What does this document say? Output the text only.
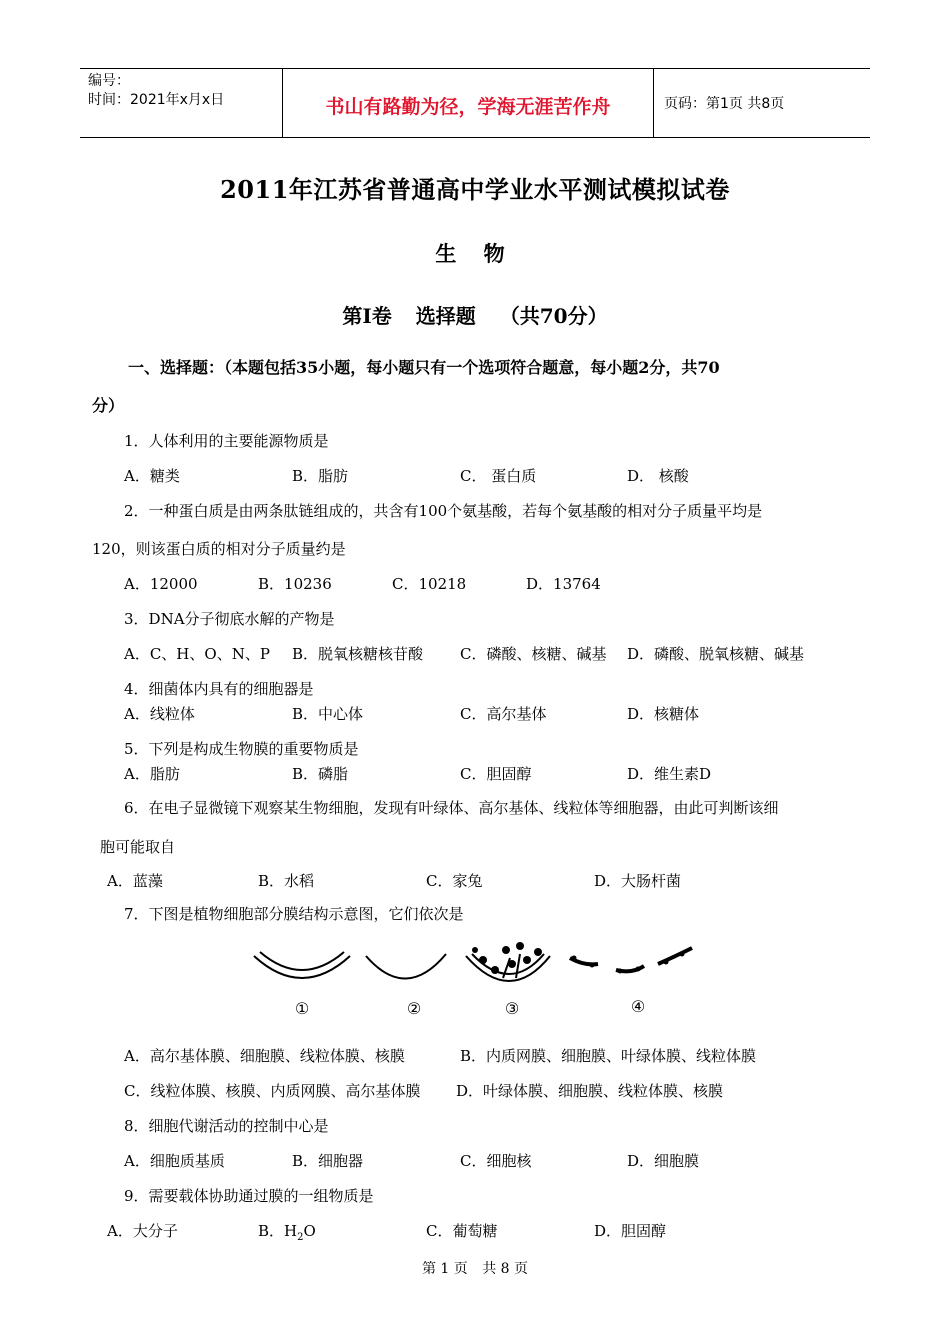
编号：
时间：2021年x月x日	书山有路勤为径，学海无涯苦作舟	页码：第1页 共8页
2011年江苏省普通高中学业水平测试模拟试卷
生 物
第Ⅰ卷 选择题 （共70分）
一、选择题：（本题包括35小题，每小题只有一个选项符合题意，每小题2分，共70
分）
1．人体利用的主要能源物质是
A．糖类	B．脂肪	C． 蛋白质	D． 核酸
2．一种蛋白质是由两条肽链组成的，共含有100个氨基酸，若每个氨基酸的相对分子质量平均是
120，则该蛋白质的相对分子质量约是
A．12000	B．10236	C．10218	D．13764
3．DNA分子彻底水解的产物是
A．C、H、O、N、P B．脱氧核糖核苷酸 C．磷酸、核糖、碱基 D．磷酸、脱氧核糖、碱基
4．细菌体内具有的细胞器是
A．线粒体	B．中心体	C．高尔基体	D．核糖体
5．下列是构成生物膜的重要物质是
A．脂肪	B．磷脂	C．胆固醇	D．维生素D
6．在电子显微镜下观察某生物细胞，发现有叶绿体、高尔基体、线粒体等细胞器，由此可判断该细
胞可能取自
A．蓝藻	B．水稻	C．家兔	D．大肠杆菌
7．下图是植物细胞部分膜结构示意图，它们依次是
①	②	③	④
A．高尔基体膜、细胞膜、线粒体膜、核膜	B．内质网膜、细胞膜、叶绿体膜、线粒体膜
C．线粒体膜、核膜、内质网膜、高尔基体膜 D．叶绿体膜、细胞膜、线粒体膜、核膜
8．细胞代谢活动的控制中心是
A．细胞质基质	B．细胞器	C．细胞核	D．细胞膜
9．需要载体协助通过膜的一组物质是
A．大分子	B．$H_2O$	C．葡萄糖	D．胆固醇
第 1 页 共 8 页
